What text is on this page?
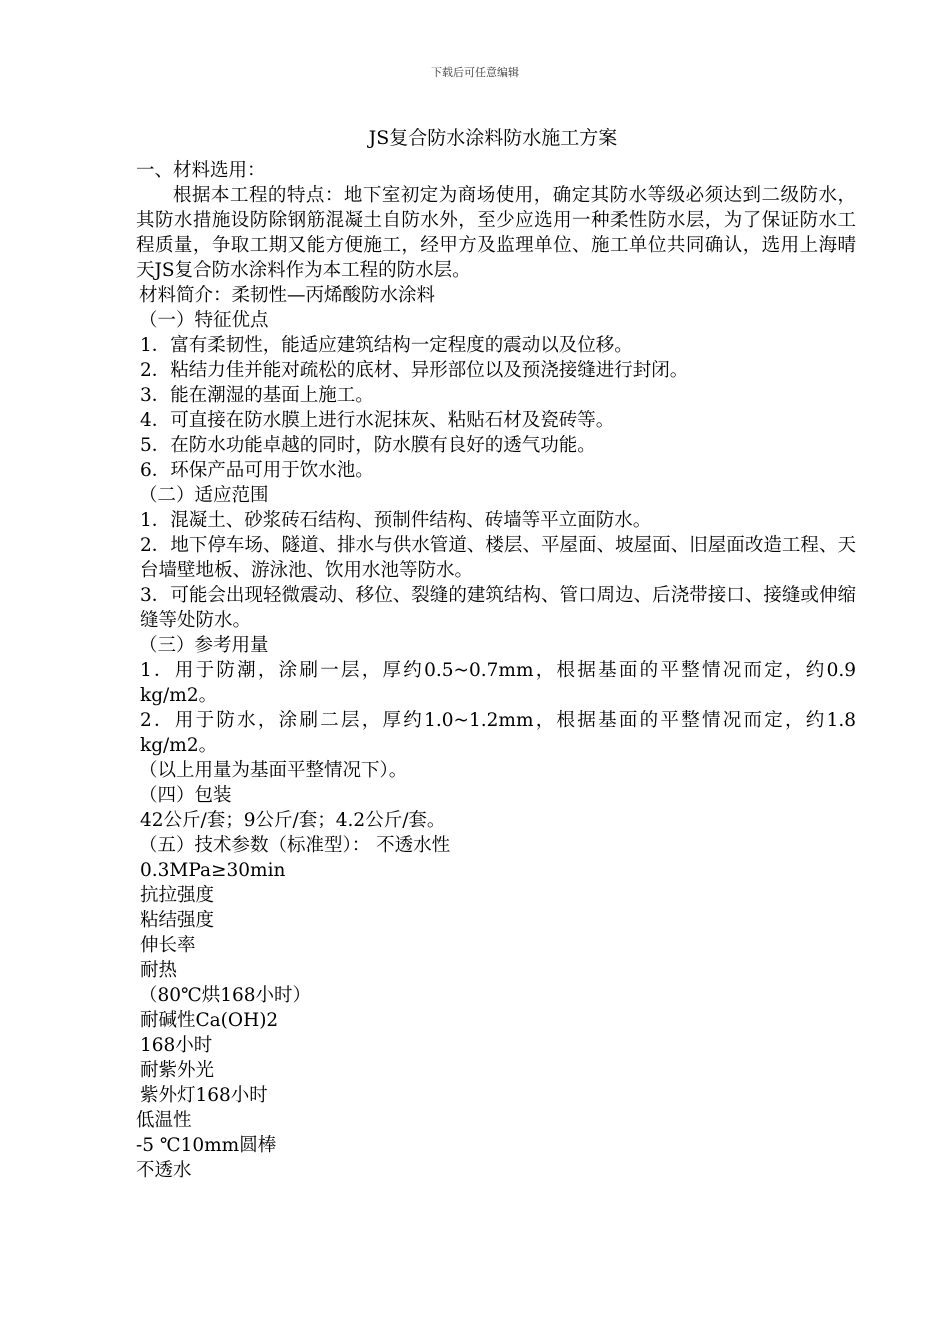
下载后可任意编辑
JS复合防水涂料防水施工方案

一、材料选用：

根据本工程的特点：地下室初定为商场使用，确定其防水等级必须达到二级防水，其防水措施设防除钢筋混凝土自防水外，至少应选用一种柔性防水层，为了保证防水工程质量，争取工期又能方便施工，经甲方及监理单位、施工单位共同确认，选用上海晴天JS复合防水涂料作为本工程的防水层。

材料简介：柔韧性—丙烯酸防水涂料

（一）特征优点

1．富有柔韧性，能适应建筑结构一定程度的震动以及位移。

2．粘结力佳并能对疏松的底材、异形部位以及预浇接缝进行封闭。

3．能在潮湿的基面上施工。

4．可直接在防水膜上进行水泥抹灰、粘贴石材及瓷砖等。

5．在防水功能卓越的同时，防水膜有良好的透气功能。

6．环保产品可用于饮水池。

（二）适应范围

1．混凝土、砂浆砖石结构、预制件结构、砖墙等平立面防水。

2．地下停车场、隧道、排水与供水管道、楼层、平屋面、坡屋面、旧屋面改造工程、天台墙壁地板、游泳池、饮用水池等防水。

3．可能会出现轻微震动、移位、裂缝的建筑结构、管口周边、后浇带接口、接缝或伸缩缝等处防水。

（三）参考用量

1．用于防潮，涂刷一层，厚约0.5~0.7mm，根据基面的平整情况而定，约0.9 kg/m2。

2．用于防水，涂刷二层，厚约1.0~1.2mm，根据基面的平整情况而定，约1.8 kg/m2。

（以上用量为基面平整情况下）。

（四）包装

42公斤/套；9公斤/套；4.2公斤/套。

（五）技术参数（标准型）： 不透水性

0.3MPa≥30min

抗拉强度

粘结强度

伸长率

耐热

（80℃烘168小时）

耐碱性Ca(OH)2

168小时

耐紫外光

紫外灯168小时

低温性

-5 ℃10mm圆棒

不透水
